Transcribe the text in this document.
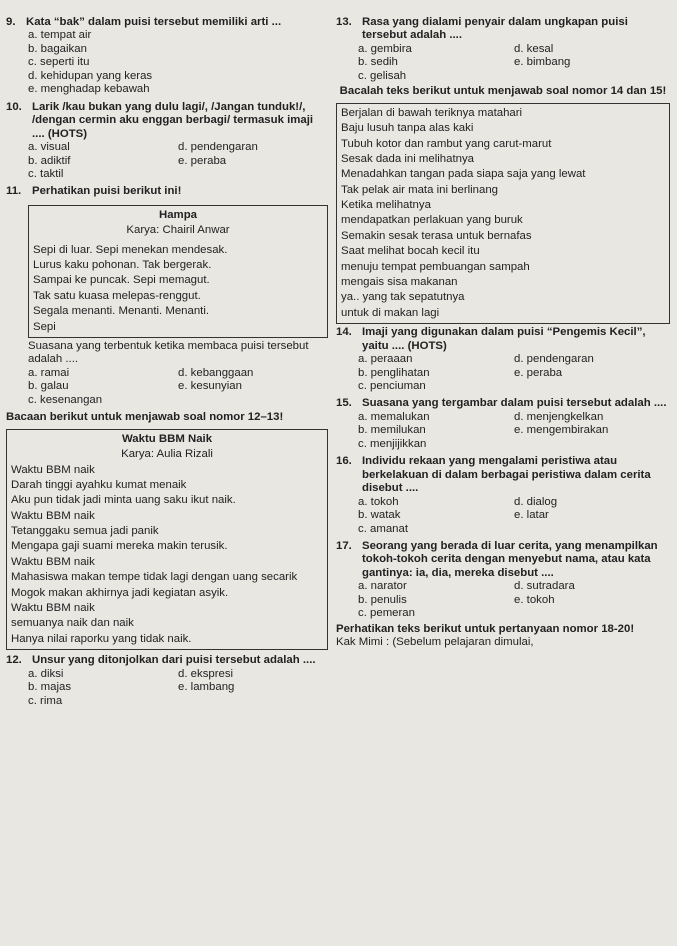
9. Kata “bak” dalam puisi tersebut memiliki arti ...
a. tempat air
b. bagaikan
c. seperti itu
d. kehidupan yang keras
e. menghadap kebawah
10. Larik /kau bukan yang dulu lagi/, /Jangan tunduk!/, /dengan cermin aku enggan berbagi/ termasuk imaji .... (HOTS)
a. visual	d. pendengaran
b. adiktif	e. peraba
c. taktil
11. Perhatikan puisi berikut ini!
Hampa
Karya: Chairil Anwar
Sepi di luar. Sepi menekan mendesak.
Lurus kaku pohonan. Tak bergerak.
Sampai ke puncak. Sepi memagut.
Tak satu kuasa melepas-renggut.
Segala menanti. Menanti. Menanti.
Sepi
Suasana yang terbentuk ketika membaca puisi tersebut adalah ....
a. ramai	d. kebanggaan
b. galau	e. kesunyian
c. kesenangan
Bacaan berikut untuk menjawab soal nomor 12–13!
Waktu BBM Naik
Karya: Aulia Rizali
Waktu BBM naik
Darah tinggi ayahku kumat menaik
Aku pun tidak jadi minta uang saku ikut naik.
Waktu BBM naik
Tetanggaku semua jadi panik
Mengapa gaji suami mereka makin terusik.
Waktu BBM naik
Mahasiswa makan tempe tidak lagi dengan uang secarik
Mogok makan akhirnya jadi kegiatan asyik.
Waktu BBM naik
semuanya naik dan naik
Hanya nilai raporku yang tidak naik.
12. Unsur yang ditonjolkan dari puisi tersebut adalah ....
a. diksi	d. ekspresi
b. majas	e. lambang
c. rima
13. Rasa yang dialami penyair dalam ungkapan puisi tersebut adalah ....
a. gembira	d. kesal
b. sedih	e. bimbang
c. gelisah
Bacalah teks berikut untuk menjawab soal nomor 14 dan 15!
Berjalan di bawah teriknya matahari
Baju lusuh tanpa alas kaki
Tubuh kotor dan rambut yang carut-marut
Sesak dada ini melihatnya
Menadahkan tangan pada siapa saja yang lewat
Tak pelak air mata ini berlinang
Ketika melihatnya
mendapatkan perlakuan yang buruk
Semakin sesak terasa untuk bernafas
Saat melihat bocah kecil itu
menuju tempat pembuangan sampah
mengais sisa makanan
ya.. yang tak sepatutnya
untuk di makan lagi
14. Imaji yang digunakan dalam puisi “Pengemis Kecil”, yaitu .... (HOTS)
a. peraaan	d. pendengaran
b. penglihatan	e. peraba
c. penciuman
15. Suasana yang tergambar dalam puisi tersebut adalah ....
a. memalukan	d. menjengkelkan
b. memilukan	e. mengembirakan
c. menjijikkan
16. Individu rekaan yang mengalami peristiwa atau berkelakuan di dalam berbagai peristiwa dalam cerita disebut ....
a. tokoh	d. dialog
b. watak	e. latar
c. amanat
17. Seorang yang berada di luar cerita, yang menampilkan tokoh-tokoh cerita dengan menyebut nama, atau kata gantinya: ia, dia, mereka disebut ....
a. narator	d. sutradara
b. penulis	e. tokoh
c. pemeran
Perhatikan teks berikut untuk pertanyaan nomor 18-20!
Kak Mimi : (Sebelum pelajaran dimulai,
